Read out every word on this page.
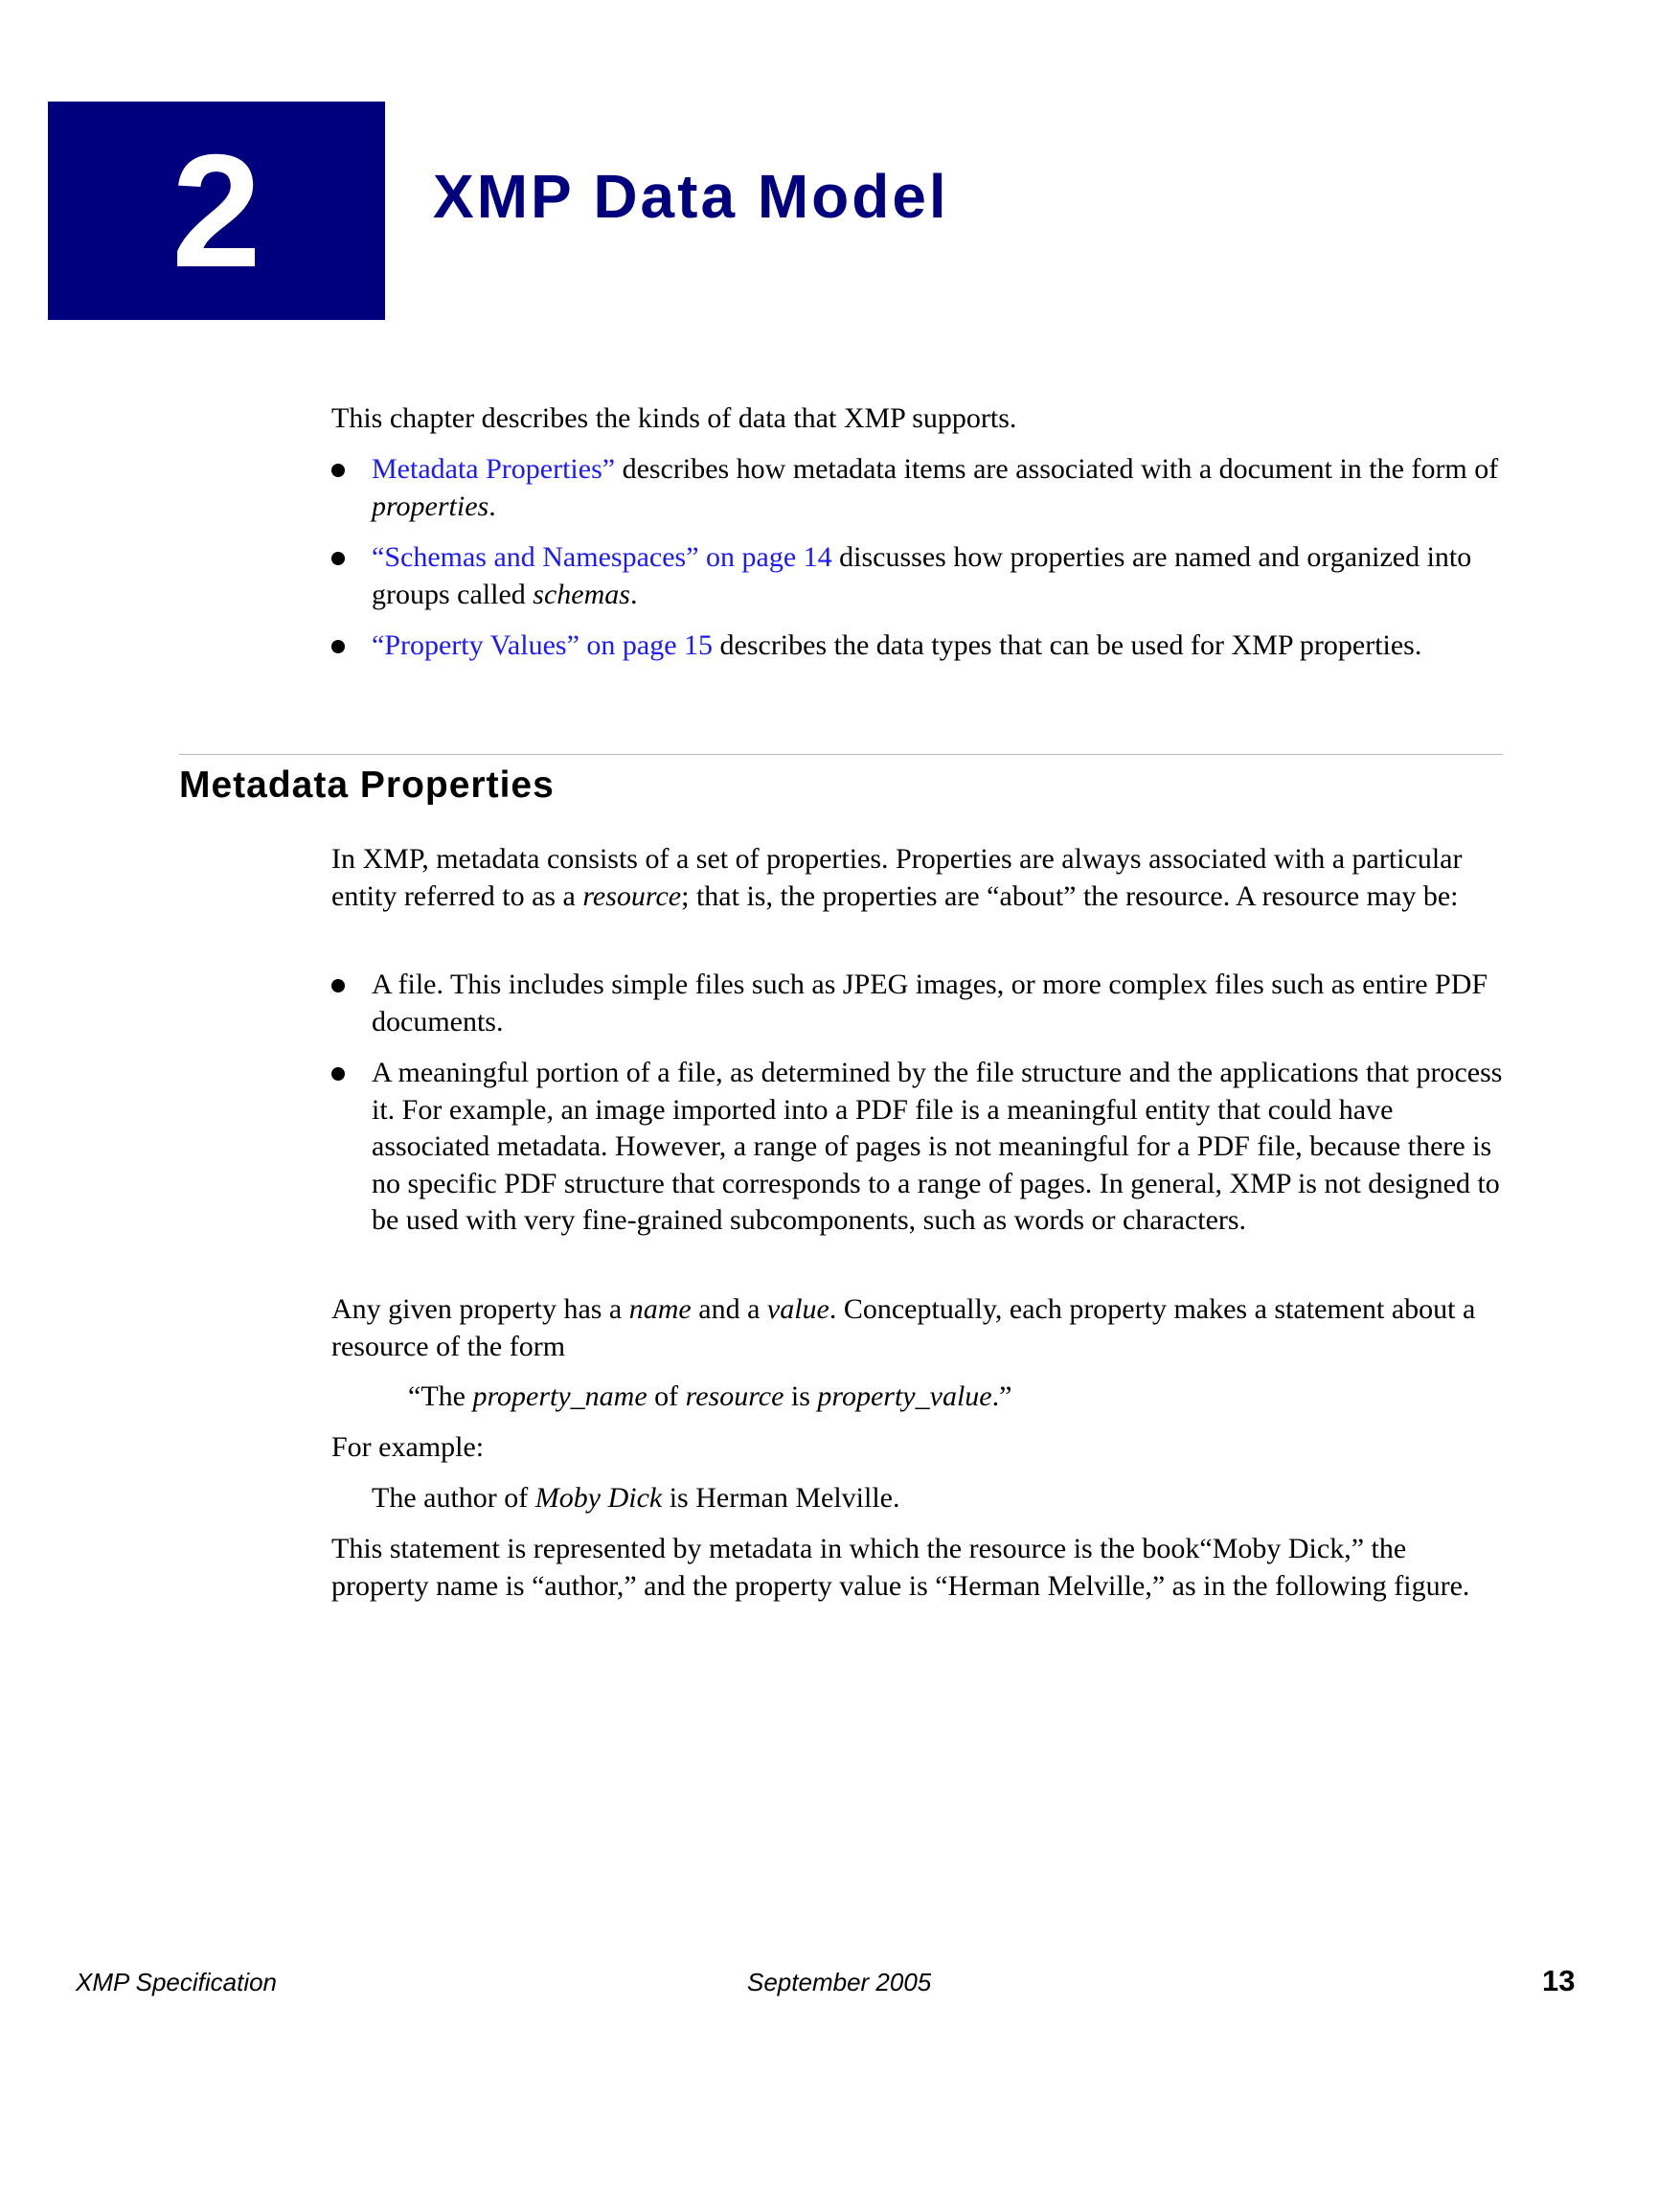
2	XMP Data Model

This chapter describes the kinds of data that XMP supports.

Metadata Properties” describes how metadata items are associated with a document in the form of properties.
“Schemas and Namespaces” on page 14 discusses how properties are named and organized into groups called schemas.
“Property Values” on page 15 describes the data types that can be used for XMP properties.
Metadata Properties

In XMP, metadata consists of a set of properties. Properties are always associated with a particular entity referred to as a resource; that is, the properties are “about” the resource. A resource may be:

A file. This includes simple files such as JPEG images, or more complex files such as entire PDF documents.
A meaningful portion of a file, as determined by the file structure and the applications that process it. For example, an image imported into a PDF file is a meaningful entity that could have associated metadata. However, a range of pages is not meaningful for a PDF file, because there is no specific PDF structure that corresponds to a range of pages. In general, XMP is not designed to be used with very fine-grained subcomponents, such as words or characters.

Any given property has a name and a value. Conceptually, each property makes a statement about a resource of the form

“The property_name of resource is property_value.”

For example:

The author of Moby Dick is Herman Melville.

This statement is represented by metadata in which the resource is the book“Moby Dick,” the property name is “author,” and the property value is “Herman Melville,” as in the following figure.

XMP Specification	September 2005	13
